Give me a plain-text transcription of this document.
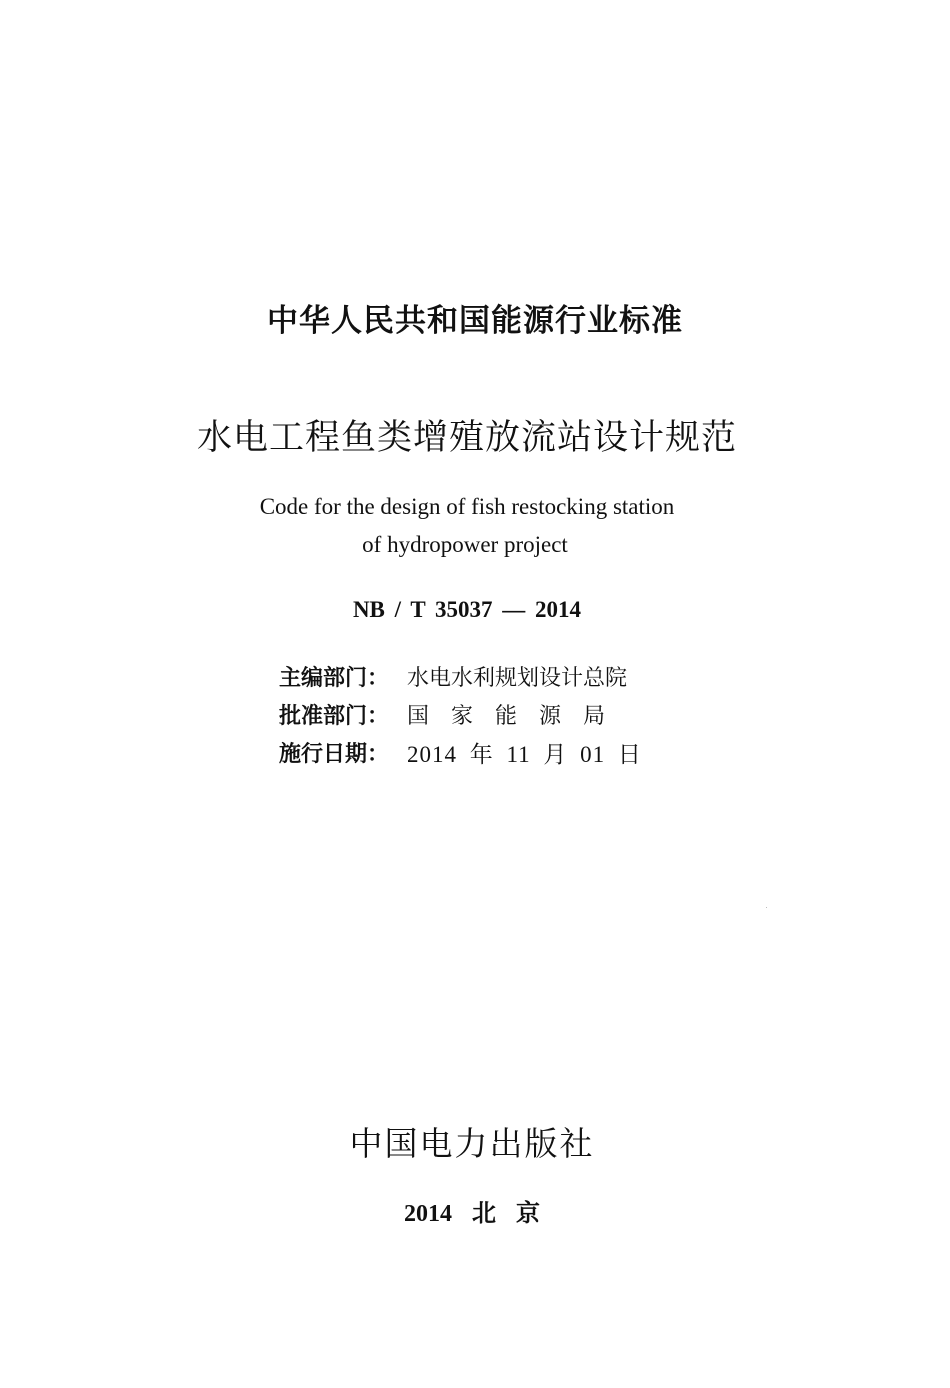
中华人民共和国能源行业标准
水电工程鱼类增殖放流站设计规范
Code for the design of fish restocking station
of hydropower project
NB / T 35037 — 2014
主编部门： 水电水利规划设计总院
批准部门： 国家能源局
施行日期： 2014 年 11 月 01 日
中国电力出版社
2014 北 京
